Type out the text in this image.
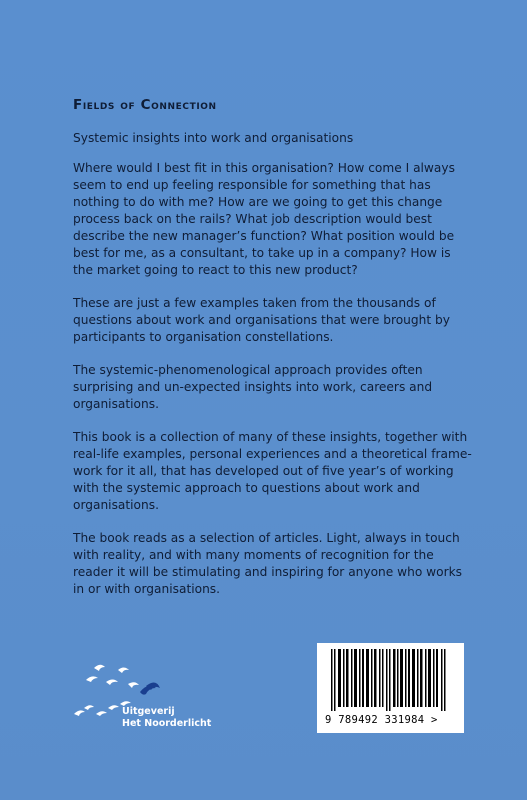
Fields of Connection
Systemic insights into work and organisations

Where would I best fit in this organisation? How come I always seem to end up feeling responsible for something that has nothing to do with me? How are we going to get this change process back on the rails? What job description would best describe the new manager’s function? What position would be best for me, as a consultant, to take up in a company? How is the market going to react to this new product?

These are just a few examples taken from the thousands of questions about work and organisations that were brought by participants to organisation constellations.

The systemic-phenomenological approach provides often surprising and un-expected insights into work, careers and organisations.

This book is a collection of many of these insights, together with real-life examples, personal experiences and a theoretical frame-work for it all, that has developed out of five year’s of working with the systemic approach to questions about work and organisations.

The book reads as a selection of articles. Light, always in touch with reality, and with many moments of recognition for the reader it will be stimulating and inspiring for anyone who works in or with organisations.

Uitgeverij
Het Noorderlicht	9 789492 331984 >
